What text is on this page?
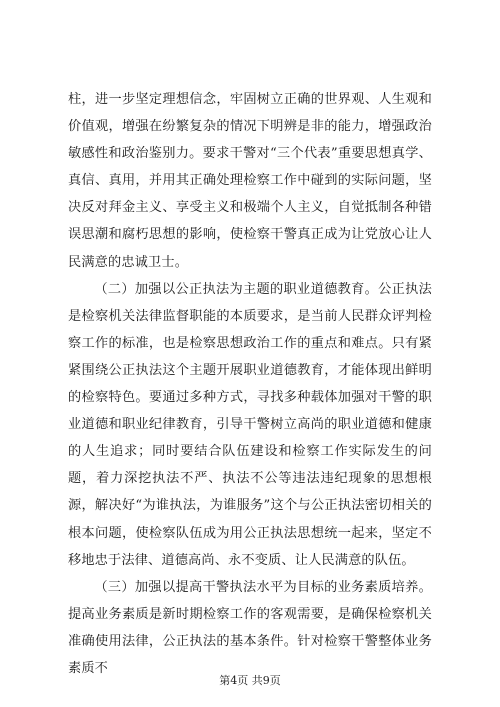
柱，进一步坚定理想信念，牢固树立正确的世界观、人生观和价值观，增强在纷繁复杂的情况下明辨是非的能力，增强政治敏感性和政治鉴别力。要求干警对“三个代表”重要思想真学、真信、真用，并用其正确处理检察工作中碰到的实际问题，坚决反对拜金主义、享受主义和极端个人主义，自觉抵制各种错误思潮和腐朽思想的影响，使检察干警真正成为让党放心让人民满意的忠诚卫士。

（二）加强以公正执法为主题的职业道德教育。公正执法是检察机关法律监督职能的本质要求，是当前人民群众评判检察工作的标准，也是检察思想政治工作的重点和难点。只有紧紧围绕公正执法这个主题开展职业道德教育，才能体现出鲜明的检察特色。要通过多种方式，寻找多种载体加强对干警的职业道德和职业纪律教育，引导干警树立高尚的职业道德和健康的人生追求；同时要结合队伍建设和检察工作实际发生的问题，着力深挖执法不严、执法不公等违法违纪现象的思想根源，解决好“为谁执法，为谁服务”这个与公正执法密切相关的根本问题，使检察队伍成为用公正执法思想统一起来，坚定不移地忠于法律、道德高尚、永不变质、让人民满意的队伍。

（三）加强以提高干警执法水平为目标的业务素质培养。提高业务素质是新时期检察工作的客观需要，是确保检察机关准确使用法律，公正执法的基本条件。针对检察干警整体业务素质不

第4页 共9页
